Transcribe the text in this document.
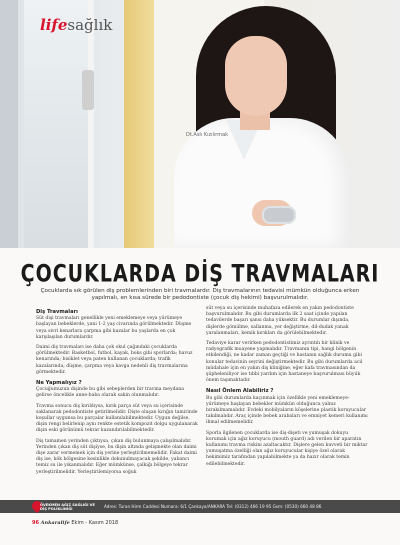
Dt.Aslı Kızılırmak
lifesağlık
ÇOCUKLARDA DİŞ TRAVMALARI
Çocuklarda sık görülen diş problemlerinden biri travmalardır. Diş travmalarının tedavisi mümkün olduğunca erken yapılmalı, en kısa sürede bir pedodontiste (çocuk diş hekimi) başvurulmalıdır.
Diş Travmaları

Süt dişi travmaları genellikle yeni emeklemeye veya yürümeye başlayan bebeklerde, yani 1-2 yaş civarında görülmektedir. Düşme veya sivri kenarlara çarpma gibi kazalar bu yaşlarda en çok karşılaşılan durumlardır.

Daimi diş travmaları ise daha çok okul çağındaki çocuklarda görülmektedir. Basketbol, futbol, kayak, boks gibi sporlarda; havuz kenarında; bisiklet veya paten kullanan çocuklarda; trafik kazalarında; düşme, çarpma veya kavga nedenli diş travmalarına görmektedir.

Ne Yapmalıyız ?

Çocuğumuzun dişinde bu gibi sebeplerden bir travma meydana gelirse öncelikle anne-baba olarak sakin olunmalıdır.

Travma sonucu diş kırıldıysa, kırık parça süt veya su içerisinde saklanarak pedodontiste getirilmelidir. Dişte oluşan kırığın tamirinde koşullar uygunsa bu parçalar kullanılabilmektedir. Uygun değilse, dişin rengi belirlenip aynı renkte estetik kompozit dolgu uygulanarak dişin eski görünümü tekrar kazandırılabilmektedir.

Diş tamamen yerinden çıktıysa, çıkan diş bulunmaya çalışılmalıdır. Yerinden çıkan diş süt dişiyse, bu dişin altında gelişmekte olan daimi dişe zarar vermemek için diş yerine yerleştirilmemelidir. Fakat daimi diş ise, kök bölgesine kesinlikle dokunulmayacak şekilde, yabancı temiz su ile yıkanmalıdır. Eğer mümkünse, çalkığı bölgeye tekrar yerleştirilmelidir. Yerleştirilemiyorsa soğuk

süt veya su içerisinde muhafaza edilerek en yakın pedodontiste başvurulmalıdır. Bu gibi durumlarda ilk 2 saat içinde yapılan tedavilerde başarı şansı daha yüksektir. Bu durumlar dışında, dişlerde gömülme, sallanma, yer değiştirme, dil-dudak yanak yaralanmaları, kemik kırıkları da görülebilmektedir.

Tedaviye karar verirken pedodontistimiz ayrıntılı bir klinik ve radyografik muayene yapmalıdır. Travmanın tipi, hangi bölgenin etkilendiği, ne kadar zaman geçtiği ve hastanın sağlık durumu gibi konular tedavinin seyrini değiştirmektedir. Bu gibi durumlarda acil müdahale için en yakın diş kliniğine, eğer kafa travmasından da şüpheleniliyor ise tıbbi yardım için hastaneye başvurulması büyük önem taşımaktadır.

Nasıl Önlem Alabiliriz ?

Bu gibi durumlarda kaçınmak için özellikle yeni emeklemeye-yürümeye başlayan bebekler mümkün olduğunca yalnız bırakılmamalıdır. Evdeki mobilyaların köşelerine plastik koruyucular takılmalıdır. Araç içinde bebek arabaları ve emniyet kemeri kullanımı ihmal edilmemelidir.

Sporla ilgilenen çocuklarda ise diş-dişeti ve yumuşak dokuyu korumak için ağız koruyucu (mouth guard) adı verilen bir aparatın kullanımı travma riskini azaltacaktır. Dişlere gelen kuvveti bir miktar yumuşatma özelliği olan ağız koruyucular kişiye özel olarak hekimimiz tarafından yapılabilmekte ya da hazır olarak temin edilebilmektedir.

ÖVEKMEN AĞIZ SAĞLIĞI VE DİŞ POLİKLİNİĞİ	Adres: Turan Hirm Caddesi Numara: 6/1 Çankaya/ANKARA Tel: (0312) 466 19 95 Gsm: (0530) 660 48 86
96 Ankaralife Ekim - Kasım 2018
